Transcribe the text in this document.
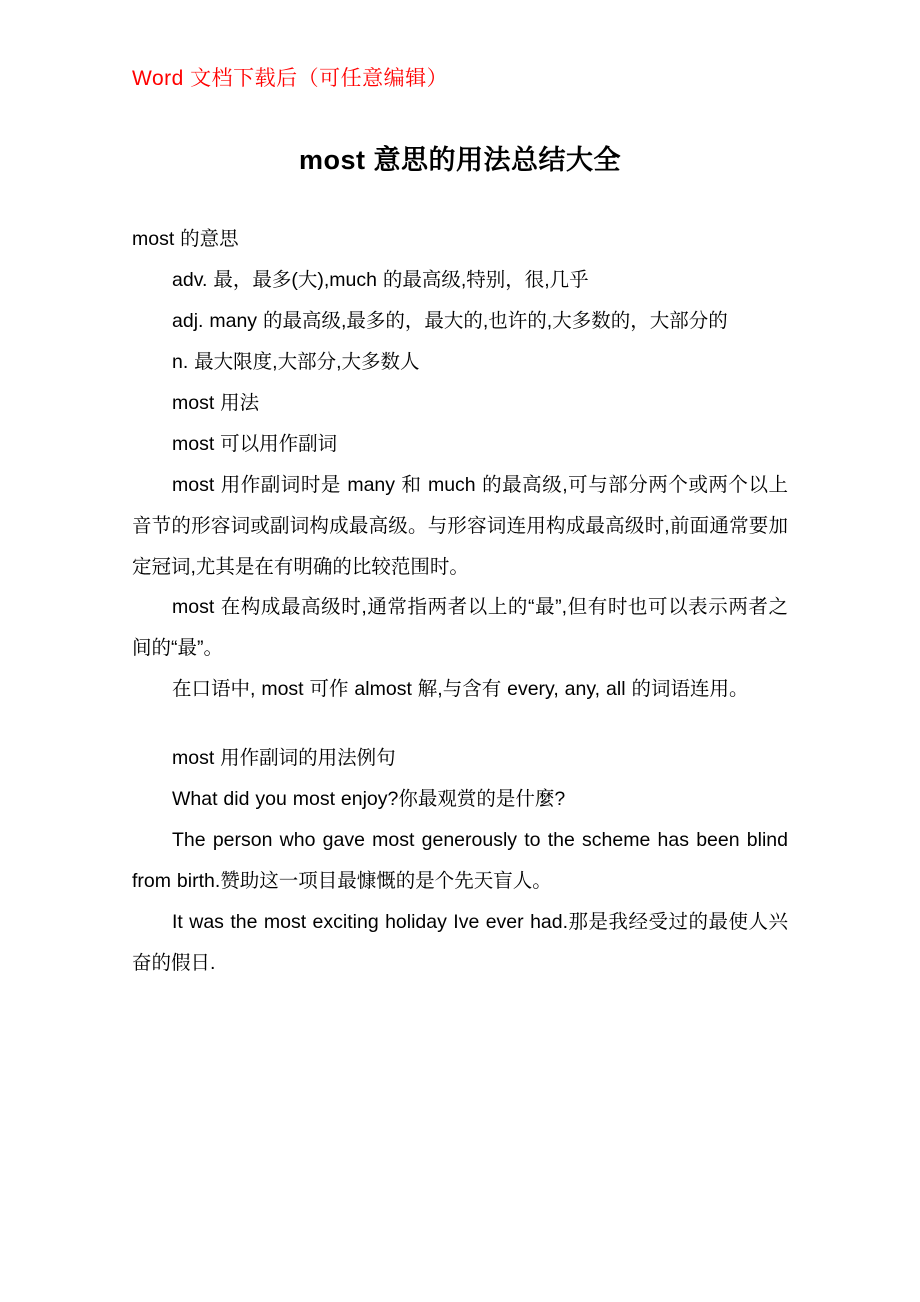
Word 文档下载后（可任意编辑）
most 意思的用法总结大全

most 的意思

adv. 最，最多(大),much 的最高级,特别，很,几乎

adj. many 的最高级,最多的，最大的,也许的,大多数的，大部分的

n. 最大限度,大部分,大多数人

most 用法

most 可以用作副词

most 用作副词时是 many 和 much 的最高级,可与部分两个或两个以上音节的形容词或副词构成最高级。与形容词连用构成最高级时,前面通常要加定冠词,尤其是在有明确的比较范围时。

most 在构成最高级时,通常指两者以上的“最”,但有时也可以表示两者之间的“最”。

在口语中, most 可作 almost 解,与含有 every, any, all 的词语连用。

most 用作副词的用法例句

What did you most enjoy?你最观赏的是什麼?

The person who gave most generously to the scheme has been blind from birth.赞助这一项目最慷慨的是个先天盲人。

It was the most exciting holiday Ive ever had.那是我经受过的最使人兴奋的假日.
